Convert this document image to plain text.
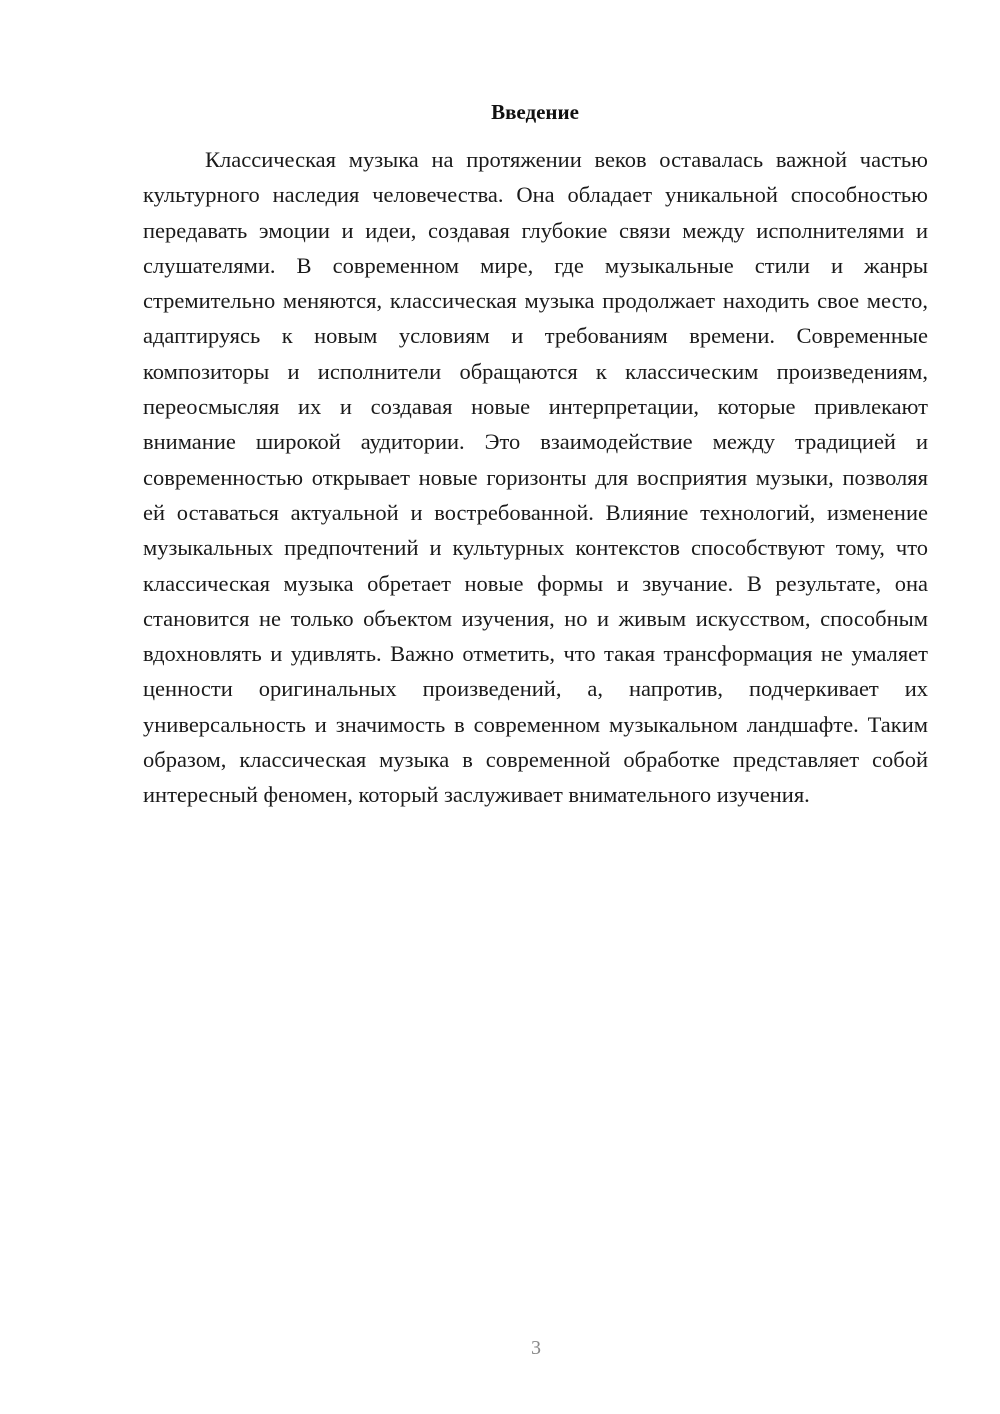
Введение

Классическая музыка на протяжении веков оставалась важной частью культурного наследия человечества. Она обладает уникальной способностью передавать эмоции и идеи, создавая глубокие связи между исполнителями и слушателями. В современном мире, где музыкальные стили и жанры стремительно меняются, классическая музыка продолжает находить свое место, адаптируясь к новым условиям и требованиям времени. Современные композиторы и исполнители обращаются к классическим произведениям, переосмысляя их и создавая новые интерпретации, которые привлекают внимание широкой аудитории. Это взаимодействие между традицией и современностью открывает новые горизонты для восприятия музыки, позволяя ей оставаться актуальной и востребованной. Влияние технологий, изменение музыкальных предпочтений и культурных контекстов способствуют тому, что классическая музыка обретает новые формы и звучание. В результате, она становится не только объектом изучения, но и живым искусством, способным вдохновлять и удивлять. Важно отметить, что такая трансформация не умаляет ценности оригинальных произведений, а, напротив, подчеркивает их универсальность и значимость в современном музыкальном ландшафте. Таким образом, классическая музыка в современной обработке представляет собой интересный феномен, который заслуживает внимательного изучения.

3
